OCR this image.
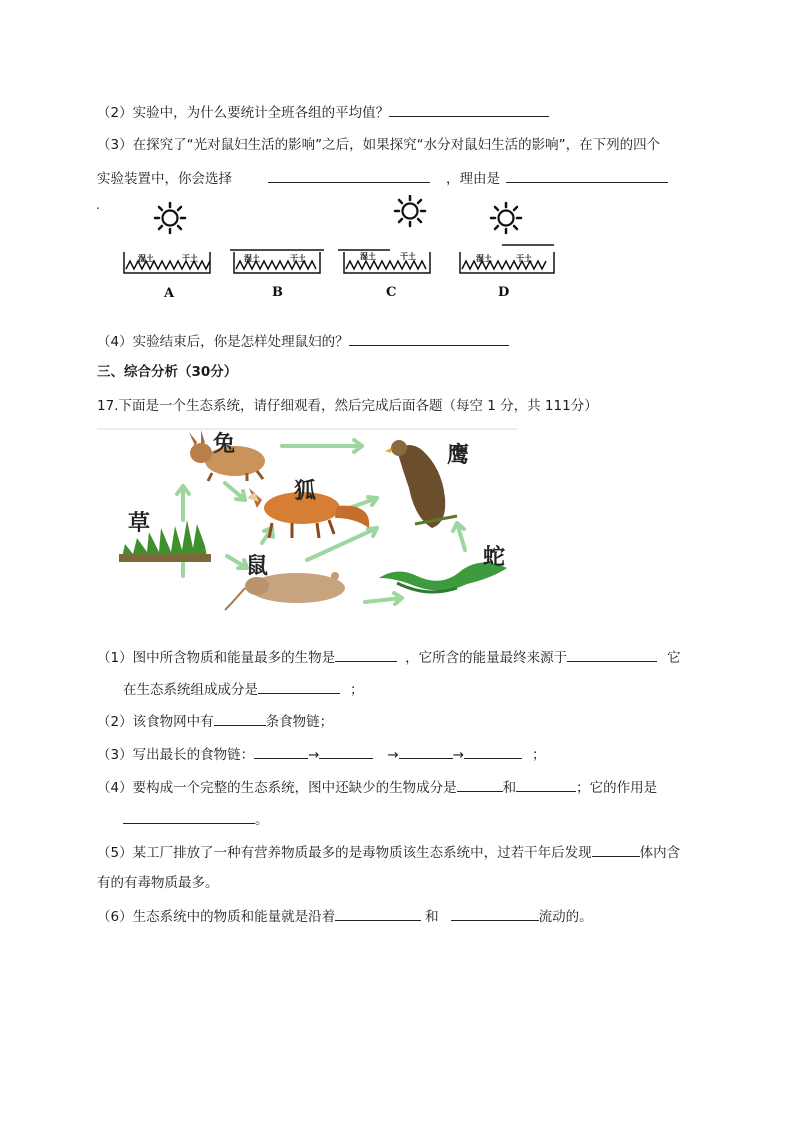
（2）实验中，为什么要统计全班各组的平均值？
（3）在探究了“光对鼠妇生活的影响”之后，如果探究“水分对鼠妇生活的影响”，在下列的四个
实验装置中，你会选择	，理由是
.
湿土	干土	湿土	干土	湿土	干土	湿土	干土
A	B	C	D
（4）实验结束后，你是怎样处理鼠妇的？
三、综合分析（30分）
17.下面是一个生态系统，请仔细观看，然后完成后面各题（每空 1 分，共 111分）
兔	鹰
狐
草
鼠	蛇
（1）图中所含物质和能量最多的生物是	，它所含的能量最终来源于	它
在生态系统组成成分是	；
（2）该食物网中有	条食物链；
（3）写出最长的食物链：	→	→	→	；
（4）要构成一个完整的生态系统，图中还缺少的生物成分是	和	；它的作用是
。
（5）某工厂排放了一种有营养物质最多的是毒物质该生态系统中，过若干年后发现	体内含
有的有毒物质最多。
（6）生态系统中的物质和能量就是沿着	和	流动的。
